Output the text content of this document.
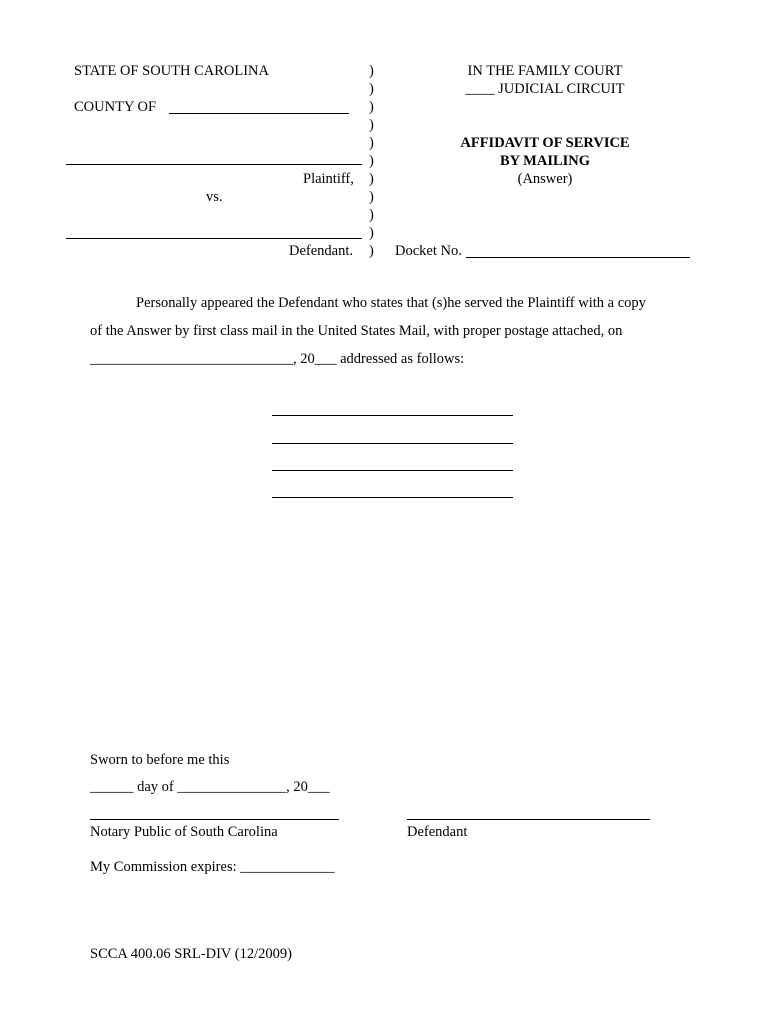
STATE OF SOUTH CAROLINA
COUNTY OF
Plaintiff,
vs.
Defendant.
)
)
)
)
)
)
)
)
)
)
)
IN THE FAMILY COURT
____ JUDICIAL CIRCUIT
AFFIDAVIT OF SERVICE
BY MAILING
(Answer)
Docket No.
Personally appeared the Defendant who states that (s)he served the Plaintiff with a copy
of the Answer by first class mail in the United States Mail, with proper postage attached, on
____________________________, 20___ addressed as follows:
Sworn to before me this
______ day of _______________, 20___
Notary Public of South Carolina	Defendant
My Commission expires: _____________
SCCA 400.06 SRL-DIV (12/2009)
